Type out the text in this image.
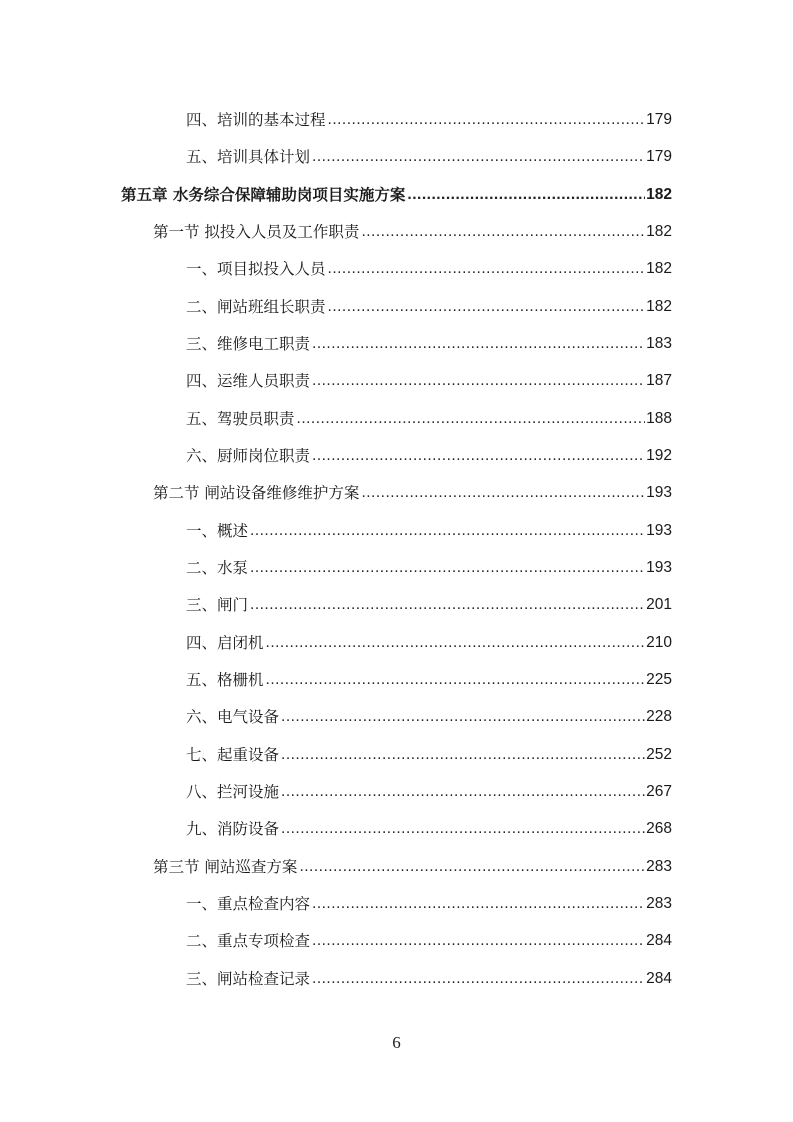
四、培训的基本过程 .....	179
五、培训具体计划 .....	179
第五章 水务综合保障辅助岗项目实施方案 .....	182
第一节 拟投入人员及工作职责 .....	182
一、项目拟投入人员 .....	182
二、闸站班组长职责 .....	182
三、维修电工职责 .....	183
四、运维人员职责 .....	187
五、驾驶员职责 .....	188
六、厨师岗位职责 .....	192
第二节 闸站设备维修维护方案 .....	193
一、概述 .....	193
二、水泵 .....	193
三、闸门 .....	201
四、启闭机 .....	210
五、格栅机 .....	225
六、电气设备 .....	228
七、起重设备 .....	252
八、拦河设施 .....	267
九、消防设备 .....	268
第三节 闸站巡查方案 .....	283
一、重点检查内容 .....	283
二、重点专项检查 .....	284
三、闸站检查记录 .....	284
6
